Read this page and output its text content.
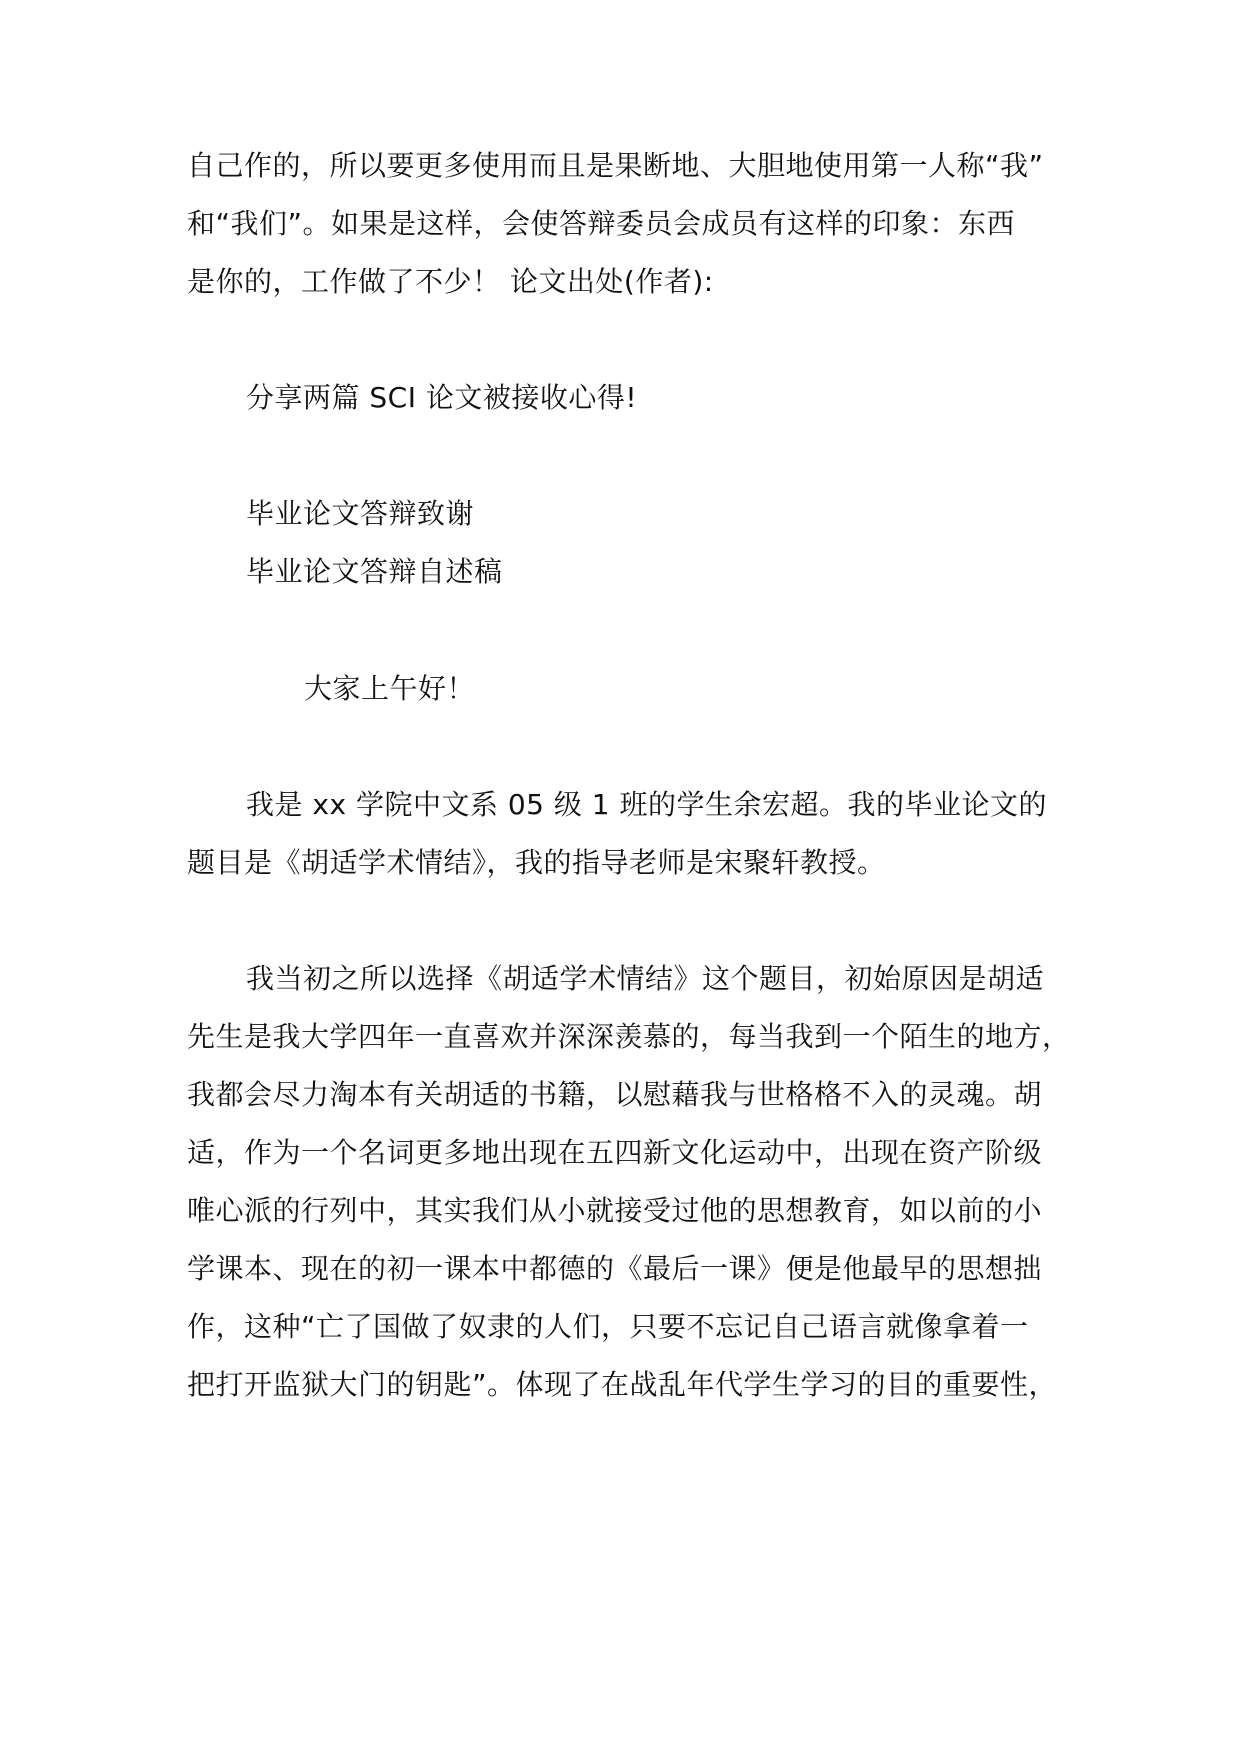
自己作的，所以要更多使用而且是果断地、大胆地使用第一人称“我”
和“我们”。如果是这样，会使答辩委员会成员有这样的印象：东西
是你的，工作做了不少！ 论文出处(作者):
分享两篇 SCI 论文被接收心得!
毕业论文答辩致谢
毕业论文答辩自述稿
大家上午好！
我是 xx 学院中文系 05 级 1 班的学生余宏超。我的毕业论文的
题目是《胡适学术情结》，我的指导老师是宋聚轩教授。
我当初之所以选择《胡适学术情结》这个题目，初始原因是胡适
先生是我大学四年一直喜欢并深深羡慕的，每当我到一个陌生的地方，
我都会尽力淘本有关胡适的书籍，以慰藉我与世格格不入的灵魂。胡
适，作为一个名词更多地出现在五四新文化运动中，出现在资产阶级
唯心派的行列中，其实我们从小就接受过他的思想教育，如以前的小
学课本、现在的初一课本中都德的《最后一课》便是他最早的思想拙
作，这种“亡了国做了奴隶的人们，只要不忘记自己语言就像拿着一
把打开监狱大门的钥匙”。体现了在战乱年代学生学习的目的重要性，
